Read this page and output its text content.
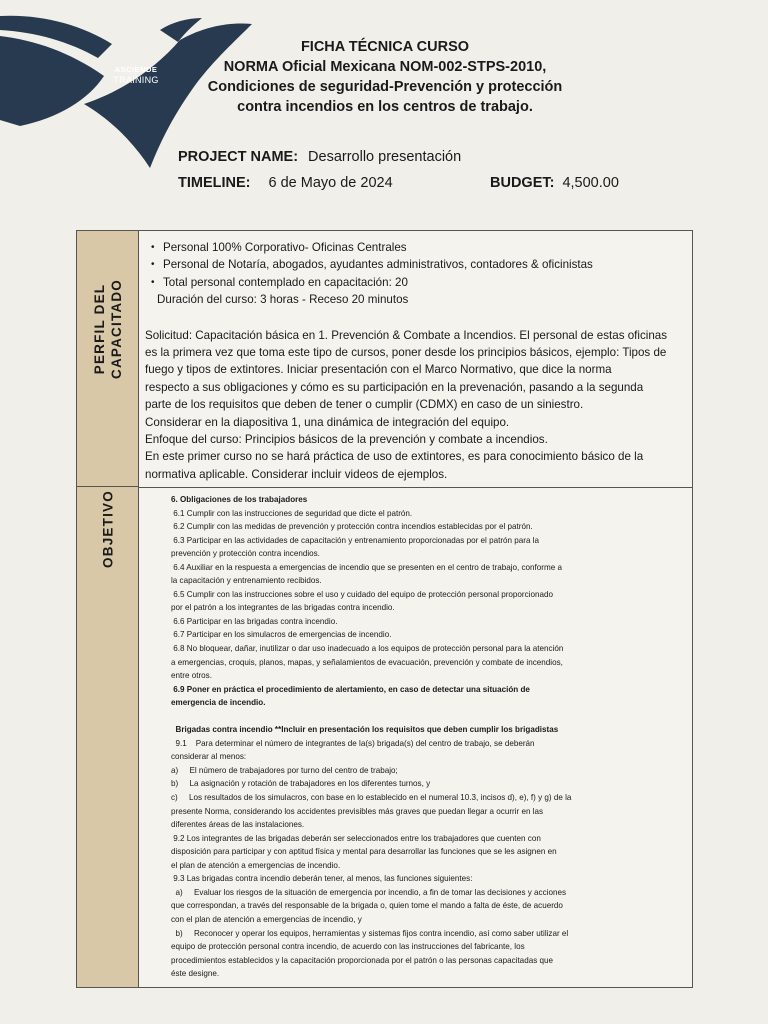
ASCIENDE
TRAINING
FICHA TÉCNICA CURSO
NORMA Oficial Mexicana NOM-002-STPS-2010,
Condiciones de seguridad-Prevención y protección
contra incendios en los centros de trabajo.
PROJECT NAME: Desarrollo presentación
TIMELINE: 6 de Mayo de 2024	BUDGET: 4,500.00
PERFIL DEL CAPACITADO
OBJETIVO
• Personal 100% Corporativo- Oficinas Centrales
• Personal de Notaría, abogados, ayudantes administrativos, contadores & oficinistas
• Total personal contemplado en capacitación: 20
Duración del curso: 3 horas - Receso 20 minutos
Solicitud: Capacitación básica en 1. Prevención & Combate a Incendios. El personal de estas oficinas
es la primera vez que toma este tipo de cursos, poner desde los principios básicos, ejemplo: Tipos de
fuego y tipos de extintores. Iniciar presentación con el Marco Normativo, que dice la norma
respecto a sus obligaciones y cómo es su participación en la prevenación, pasando a la segunda
parte de los requisitos que deben de tener o cumplir (CDMX) en caso de un siniestro.
Considerar en la diapositiva 1, una dinámica de integración del equipo.
Enfoque del curso: Principios básicos de la prevención y combate a incendios.
En este primer curso no se hará práctica de uso de extintores, es para conocimiento básico de la
normativa aplicable. Considerar incluir videos de ejemplos.
6. Obligaciones de los trabajadores
6.1 Cumplir con las instrucciones de seguridad que dicte el patrón.
6.2 Cumplir con las medidas de prevención y protección contra incendios establecidas por el patrón.
6.3 Participar en las actividades de capacitación y entrenamiento proporcionadas por el patrón para la
prevención y protección contra incendios.
6.4 Auxiliar en la respuesta a emergencias de incendio que se presenten en el centro de trabajo, conforme a
la capacitación y entrenamiento recibidos.
6.5 Cumplir con las instrucciones sobre el uso y cuidado del equipo de protección personal proporcionado
por el patrón a los integrantes de las brigadas contra incendio.
6.6 Participar en las brigadas contra incendio.
6.7 Participar en los simulacros de emergencias de incendio.
6.8 No bloquear, dañar, inutilizar o dar uso inadecuado a los equipos de protección personal para la atención
a emergencias, croquis, planos, mapas, y señalamientos de evacuación, prevención y combate de incendios,
entre otros.
6.9 Poner en práctica el procedimiento de alertamiento, en caso de detectar una situación de
emergencia de incendio.
Brigadas contra incendio **Incluir en presentación los requisitos que deben cumplir los brigadistas
9.1    Para determinar el número de integrantes de la(s) brigada(s) del centro de trabajo, se deberán
considerar al menos:
a)     El número de trabajadores por turno del centro de trabajo;
b)     La asignación y rotación de trabajadores en los diferentes turnos, y
c)     Los resultados de los simulacros, con base en lo establecido en el numeral 10.3, incisos d), e), f) y g) de la
presente Norma, considerando los accidentes previsibles más graves que puedan llegar a ocurrir en las
diferentes áreas de las instalaciones.
9.2 Los integrantes de las brigadas deberán ser seleccionados entre los trabajadores que cuenten con
disposición para participar y con aptitud física y mental para desarrollar las funciones que se les asignen en
el plan de atención a emergencias de incendio.
9.3 Las brigadas contra incendio deberán tener, al menos, las funciones siguientes:
a)     Evaluar los riesgos de la situación de emergencia por incendio, a fin de tomar las decisiones y acciones
que correspondan, a través del responsable de la brigada o, quien tome el mando a falta de éste, de acuerdo
con el plan de atención a emergencias de incendio, y
b)     Reconocer y operar los equipos, herramientas y sistemas fijos contra incendio, así como saber utilizar el
equipo de protección personal contra incendio, de acuerdo con las instrucciones del fabricante, los
procedimientos establecidos y la capacitación proporcionada por el patrón o las personas capacitadas que
éste designe.
